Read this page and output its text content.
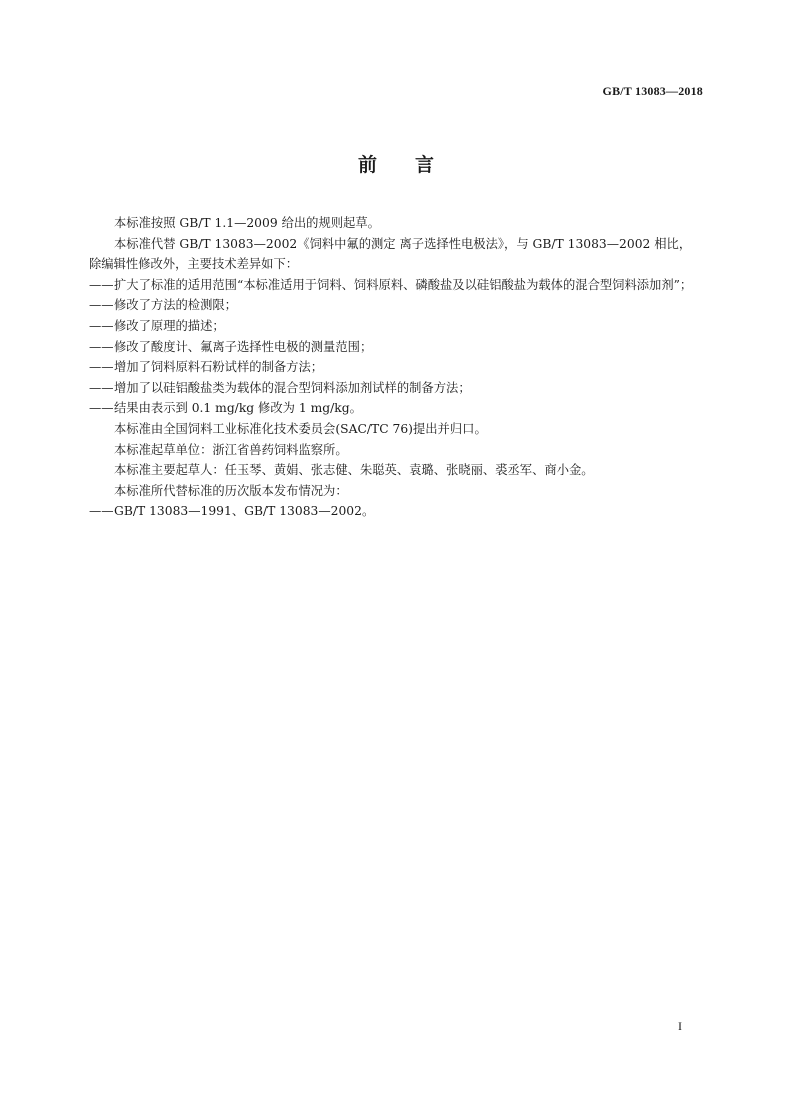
GB/T 13083—2018
前言

本标准按照 GB/T 1.1—2009 给出的规则起草。

本标准代替 GB/T 13083—2002《饲料中氟的测定 离子选择性电极法》，与 GB/T 13083—2002 相比，除编辑性修改外，主要技术差异如下：

——扩大了标准的适用范围“本标准适用于饲料、饲料原料、磷酸盐及以硅铝酸盐为载体的混合型饲料添加剂”；

——修改了方法的检测限；

——修改了原理的描述；

——修改了酸度计、氟离子选择性电极的测量范围；

——增加了饲料原料石粉试样的制备方法；

——增加了以硅铝酸盐类为载体的混合型饲料添加剂试样的制备方法；

——结果由表示到 0.1 mg/kg 修改为 1 mg/kg。

本标准由全国饲料工业标准化技术委员会(SAC/TC 76)提出并归口。

本标准起草单位：浙江省兽药饲料监察所。

本标准主要起草人：任玉琴、黄娟、张志健、朱聪英、袁璐、张晓丽、裘丞军、商小金。

本标准所代替标准的历次版本发布情况为：

——GB/T 13083—1991、GB/T 13083—2002。

I
